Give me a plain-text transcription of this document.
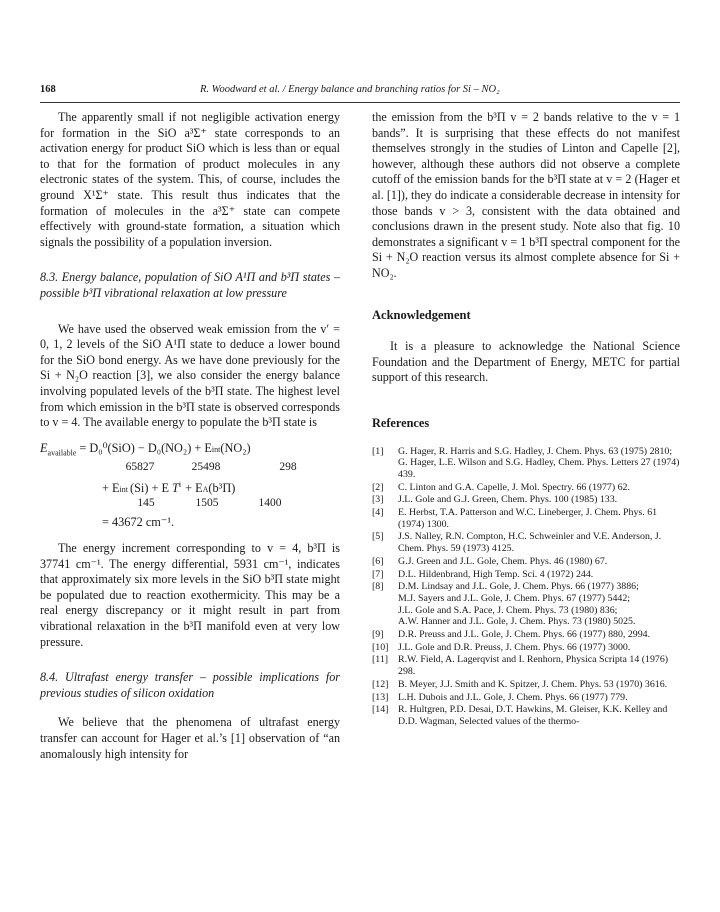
168	R. Woodward et al. / Energy balance and branching ratios for Si – NO₂

The apparently small if not negligible activation energy for formation in the SiO a³Σ⁺ state corresponds to an activation energy for product SiO which is less than or equal to that for the formation of product molecules in any electronic states of the system. This, of course, includes the ground X¹Σ⁺ state. This result thus indicates that the formation of molecules in the a³Σ⁺ state can compete effectively with ground-state formation, a situation which signals the possibility of a population inversion.

8.3. Energy balance, population of SiO A¹Π and b³Π states – possible b³Π vibrational relaxation at low pressure

We have used the observed weak emission from the v′ = 0, 1, 2 levels of the SiO A¹Π state to deduce a lower bound for the SiO bond energy. As we have done previously for the Si + N₂O reaction [3], we also consider the energy balance involving populated levels of the b³Π state. The highest level from which emission in the b³Π state is observed corresponds to v = 4. The available energy to populate the b³Π state is

$E_{available} = D_0^0(SiO) - D_0(NO_2) + E$ int (NO₂)
65827	25498	298
+ E int (Si) + E $T^i + E$ A (b³Π)
145	1505	1400
= 43672 cm⁻¹.

The energy increment corresponding to v = 4, b³Π is 37741 cm⁻¹. The energy differential, 5931 cm⁻¹, indicates that approximately six more levels in the SiO b³Π state might be populated due to reaction exothermicity. This may be a real energy discrepancy or it might result in part from vibrational relaxation in the b³Π manifold even at very low pressure.

8.4. Ultrafast energy transfer – possible implications for previous studies of silicon oxidation

We believe that the phenomena of ultrafast energy transfer can account for Hager et al.’s [1] observation of “an anomalously high intensity for

the emission from the b³Π v = 2 bands relative to the v = 1 bands”. It is surprising that these effects do not manifest themselves strongly in the studies of Linton and Capelle [2], however, although these authors did not observe a complete cutoff of the emission bands for the b³Π state at v = 2 (Hager et al. [1]), they do indicate a considerable decrease in intensity for those bands v > 3, consistent with the data obtained and conclusions drawn in the present study. Note also that fig. 10 demonstrates a significant v = 1 b³Π spectral component for the Si + N₂O reaction versus its almost complete absence for Si + NO₂.

Acknowledgement

It is a pleasure to acknowledge the National Science Foundation and the Department of Energy, METC for partial support of this research.

References

[1]	G. Hager, R. Harris and S.G. Hadley, J. Chem. Phys. 63 (1975) 2810;
G. Hager, L.E. Wilson and S.G. Hadley, Chem. Phys. Letters 27 (1974) 439.
[2]	C. Linton and G.A. Capelle, J. Mol. Spectry. 66 (1977) 62.
[3]	J.L. Gole and G.J. Green, Chem. Phys. 100 (1985) 133.
[4]	E. Herbst, T.A. Patterson and W.C. Lineberger, J. Chem. Phys. 61 (1974) 1300.
[5]	J.S. Nalley, R.N. Compton, H.C. Schweinler and V.E. Anderson, J. Chem. Phys. 59 (1973) 4125.
[6]	G.J. Green and J.L. Gole, Chem. Phys. 46 (1980) 67.
[7]	D.L. Hildenbrand, High Temp. Sci. 4 (1972) 244.
[8]	D.M. Lindsay and J.L. Gole, J. Chem. Phys. 66 (1977) 3886;
M.J. Sayers and J.L. Gole, J. Chem. Phys. 67 (1977) 5442;
J.L. Gole and S.A. Pace, J. Chem. Phys. 73 (1980) 836;
A.W. Hanner and J.L. Gole, J. Chem. Phys. 73 (1980) 5025.
[9]	D.R. Preuss and J.L. Gole, J. Chem. Phys. 66 (1977) 880, 2994.
[10] J.L. Gole and D.R. Preuss, J. Chem. Phys. 66 (1977) 3000.
[11]	R.W. Field, A. Lagerqvist and I. Renhorn, Physica Scripta 14 (1976) 298.
[12] B. Meyer, J.J. Smith and K. Spitzer, J. Chem. Phys. 53 (1970) 3616.
[13] L.H. Dubois and J.L. Gole, J. Chem. Phys. 66 (1977) 779.
[14] R. Hultgren, P.D. Desai, D.T. Hawkins, M. Gleiser, K.K. Kelley and D.D. Wagman, Selected values of the thermo-
